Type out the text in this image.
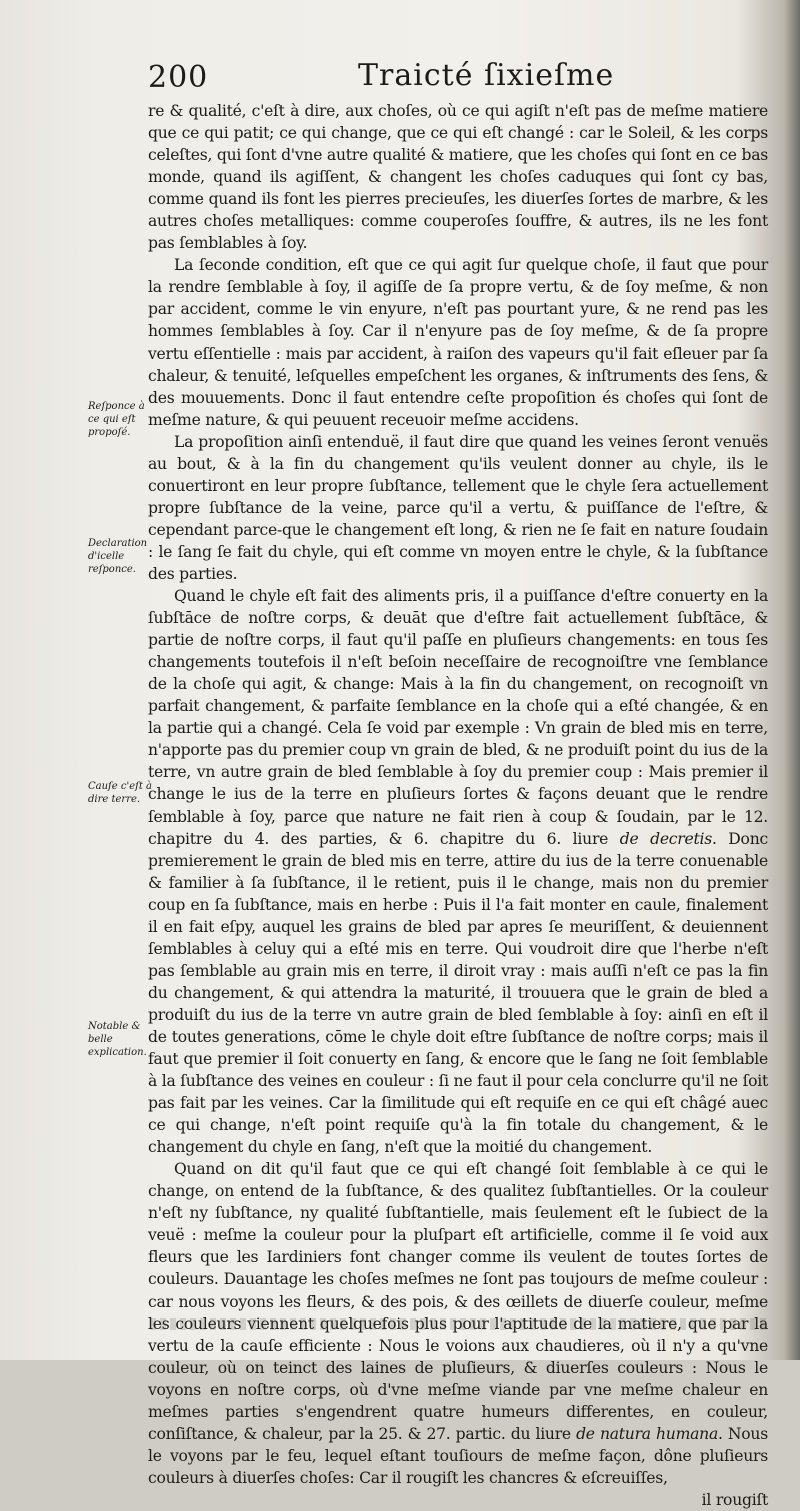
200	Traicté ſixieſme
Reſponce à ce qui eſt propoſé.
Declaration d'icelle reſponce.
Cauſe c'eſt à dire terre.
Notable & belle explication.

re & qualité, c'eſt à dire, aux choſes, où ce qui agiſt n'eſt pas de meſme matiere que ce qui patit; ce qui change, que ce qui eſt changé : car le Soleil, & les corps celeſtes, qui ſont d'vne autre qualité & matiere, que les choſes qui ſont en ce bas monde, quand ils agiſſent, & changent les choſes caduques qui ſont cy bas, comme quand ils font les pierres precieuſes, les diuerſes ſortes de marbre, & les autres choſes metalliques: comme couperoſes ſouffre, & autres, ils ne les font pas ſemblables à ſoy.

La ſeconde condition, eſt que ce qui agit ſur quelque choſe, il faut que pour la rendre ſemblable à ſoy, il agiſſe de ſa propre vertu, & de ſoy meſme, & non par accident, comme le vin enyure, n'eſt pas pourtant yure, & ne rend pas les hommes ſemblables à ſoy. Car il n'enyure pas de ſoy meſme, & de ſa propre vertu eſſentielle : mais par accident, à raiſon des vapeurs qu'il fait eſleuer par ſa chaleur, & tenuité, leſquelles empeſchent les organes, & inſtruments des ſens, & des mouuements. Donc il faut entendre ceſte propoſition és choſes qui ſont de meſme nature, & qui peuuent receuoir meſme accidens.

La propoſition ainſi entenduë, il faut dire que quand les veines ſeront venuës au bout, & à la fin du changement qu'ils veulent donner au chyle, ils le conuertiront en leur propre ſubſtance, tellement que le chyle ſera actuellement propre ſubſtance de la veine, parce qu'il a vertu, & puiſſance de l'eſtre, & cependant parce-que le changement eſt long, & rien ne ſe fait en nature ſoudain : le ſang ſe fait du chyle, qui eſt comme vn moyen entre le chyle, & la ſubſtance des parties.

Quand le chyle eſt fait des aliments pris, il a puiſſance d'eſtre conuerty en la ſubſtāce de noſtre corps, & deuāt que d'eſtre fait actuellement ſubſtāce, & partie de noſtre corps, il faut qu'il paſſe en pluſieurs changements: en tous ſes changements toutefois il n'eſt beſoin neceſſaire de recognoiſtre vne ſemblance de la choſe qui agit, & change: Mais à la fin du changement, on recognoiſt vn parfait changement, & parfaite ſemblance en la choſe qui a eſté changée, & en la partie qui a changé. Cela ſe void par exemple : Vn grain de bled mis en terre, n'apporte pas du premier coup vn grain de bled, & ne produiſt point du ius de la terre, vn autre grain de bled ſemblable à ſoy du premier coup : Mais premier il change le ius de la terre en pluſieurs ſortes & façons deuant que le rendre ſemblable à ſoy, parce que nature ne fait rien à coup & ſoudain, par le 12. chapitre du 4. des parties, & 6. chapitre du 6. liure de decretis. Donc premierement le grain de bled mis en terre, attire du ius de la terre conuenable & familier à ſa ſubſtance, il le retient, puis il le change, mais non du premier coup en ſa ſubſtance, mais en herbe : Puis il l'a fait monter en caule, finalement il en fait eſpy, auquel les grains de bled par apres ſe meuriſſent, & deuiennent ſemblables à celuy qui a eſté mis en terre. Qui voudroit dire que l'herbe n'eſt pas ſemblable au grain mis en terre, il diroit vray : mais auſſi n'eſt ce pas la fin du changement, & qui attendra la maturité, il trouuera que le grain de bled a produiſt du ius de la terre vn autre grain de bled ſemblable à ſoy: ainſi en eſt il de toutes generations, cōme le chyle doit eſtre ſubſtance de noſtre corps; mais il faut que premier il ſoit conuerty en ſang, & encore que le ſang ne ſoit ſemblable à la ſubſtance des veines en couleur : ſi ne faut il pour cela conclurre qu'il ne ſoit pas fait par les veines. Car la ſimilitude qui eſt requiſe en ce qui eſt châgé auec ce qui change, n'eſt point requiſe qu'à la fin totale du changement, & le changement du chyle en ſang, n'eſt que la moitié du changement.

Quand on dit qu'il faut que ce qui eſt changé ſoit ſemblable à ce qui le change, on entend de la ſubſtance, & des qualitez ſubſtantielles. Or la couleur n'eſt ny ſubſtance, ny qualité ſubſtantielle, mais ſeulement eſt le ſubiect de la veuë : meſme la couleur pour la pluſpart eſt artificielle, comme il ſe void aux fleurs que les Iardiniers font changer comme ils veulent de toutes ſortes de couleurs. Dauantage les choſes meſmes ne ſont pas toujours de meſme couleur : car nous voyons les fleurs, & des pois, & des œillets de diuerſe couleur, meſme les couleurs viennent quelquefois plus pour l'aptitude de la matiere, que par la vertu de la cauſe efficiente : Nous le voions aux chaudieres, où il n'y a qu'vne couleur, où on teinct des laines de pluſieurs, & diuerſes couleurs : Nous le voyons en noſtre corps, où d'vne meſme viande par vne meſme chaleur en meſmes parties s'engendrent quatre humeurs differentes, en couleur, conſiſtance, & chaleur, par la 25. & 27. partic. du liure de natura humana. Nous le voyons par le feu, lequel eſtant touſiours de meſme façon, dône pluſieurs couleurs à diuerſes choſes: Car il rougiſt les chancres & eſcreuiſſes,

il rougiſt
